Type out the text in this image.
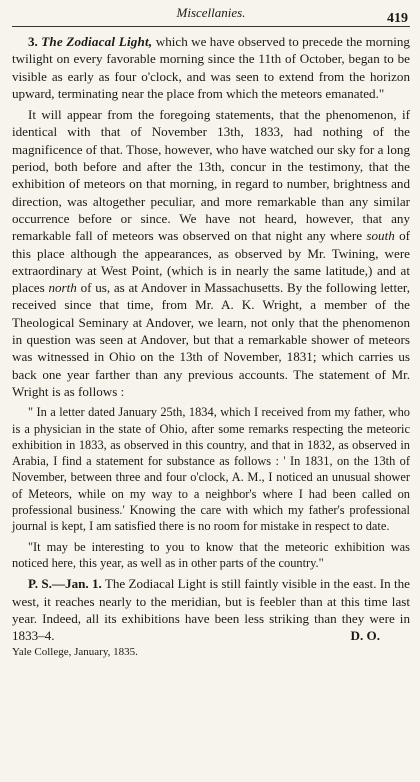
Miscellanies.	419

3. The Zodiacal Light, which we have observed to precede the morning twilight on every favorable morning since the 11th of October, began to be visible as early as four o'clock, and was seen to extend from the horizon upward, terminating near the place from which the meteors emanated."

It will appear from the foregoing statements, that the phenomenon, if identical with that of November 13th, 1833, had nothing of the magnificence of that. Those, however, who have watched our sky for a long period, both before and after the 13th, concur in the testimony, that the exhibition of meteors on that morning, in regard to number, brightness and direction, was altogether peculiar, and more remarkable than any similar occurrence before or since. We have not heard, however, that any remarkable fall of meteors was observed on that night any where south of this place although the appearances, as observed by Mr. Twining, were extraordinary at West Point, (which is in nearly the same latitude,) and at places north of us, as at Andover in Massachusetts. By the following letter, received since that time, from Mr. A. K. Wright, a member of the Theological Seminary at Andover, we learn, not only that the phenomenon in question was seen at Andover, but that a remarkable shower of meteors was witnessed in Ohio on the 13th of November, 1831; which carries us back one year farther than any previous accounts. The statement of Mr. Wright is as follows :

" In a letter dated January 25th, 1834, which I received from my father, who is a physician in the state of Ohio, after some remarks respecting the meteoric exhibition in 1833, as observed in this country, and that in 1832, as observed in Arabia, I find a statement for substance as follows : ' In 1831, on the 13th of November, between three and four o'clock, A. M., I noticed an unusual shower of Meteors, while on my way to a neighbor's where I had been called on professional business.' Knowing the care with which my father's professional journal is kept, I am satisfied there is no room for mistake in respect to date.

"It may be interesting to you to know that the meteoric exhibition was noticed here, this year, as well as in other parts of the country."

P. S.—Jan. 1. The Zodiacal Light is still faintly visible in the east. In the west, it reaches nearly to the meridian, but is feebler than at this time last year. Indeed, all its exhibitions have been less striking than they were in 1833–4.	D. O.

Yale College, January, 1835.
